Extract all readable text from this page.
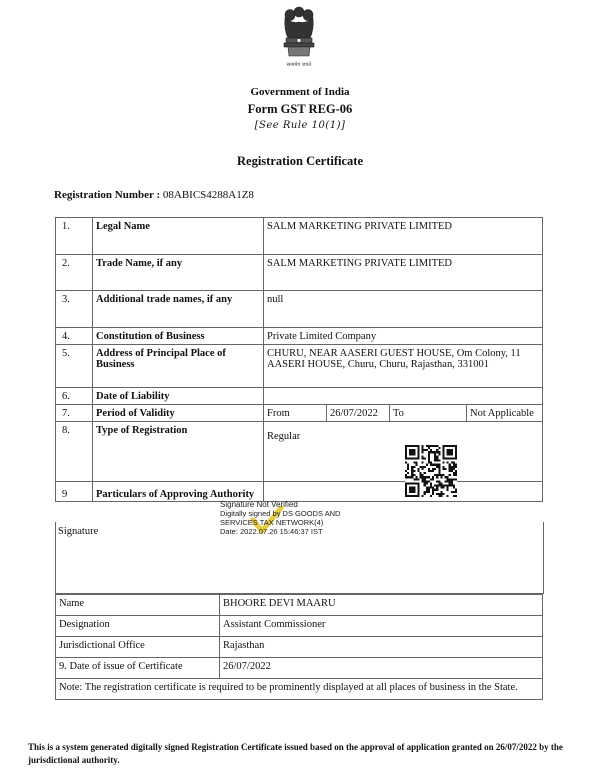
सत्यमेव जयते
Government of India
Form GST REG-06
[See Rule 10(1)]
Registration Certificate
Registration Number : 08ABICS4288A1Z8
1.	Legal Name	SALM MARKETING PRIVATE LIMITED			
2.	Trade Name, if any	SALM MARKETING PRIVATE LIMITED			
3.	Additional trade names, if any	null			
4.	Constitution of Business	Private Limited Company			
5.	Address of Principal Place of Business	CHURU, NEAR AASERI GUEST HOUSE, Om Colony, 11 AASERI HOUSE, Churu, Churu, Rajasthan, 331001			
6.	Date of Liability				
7.	Period of Validity	From	26/07/2022	To	Not Applicable
8.	Type of Registration	Regular			
9	Particulars of Approving Authority				
Signature
Signature Not Verified
Digitally signed by DS GOODS AND
SERVICES TAX NETWORK(4)
Date: 2022.07.26 15:46:37 IST
Name	BHOORE DEVI MAARU
Designation	Assistant Commissioner
Jurisdictional Office	Rajasthan
9. Date of issue of Certificate	26/07/2022
Note: The registration certificate is required to be prominently displayed at all places of business in the State.	
This is a system generated digitally signed Registration Certificate issued based on the approval of application granted on 26/07/2022 by the jurisdictional authority.
